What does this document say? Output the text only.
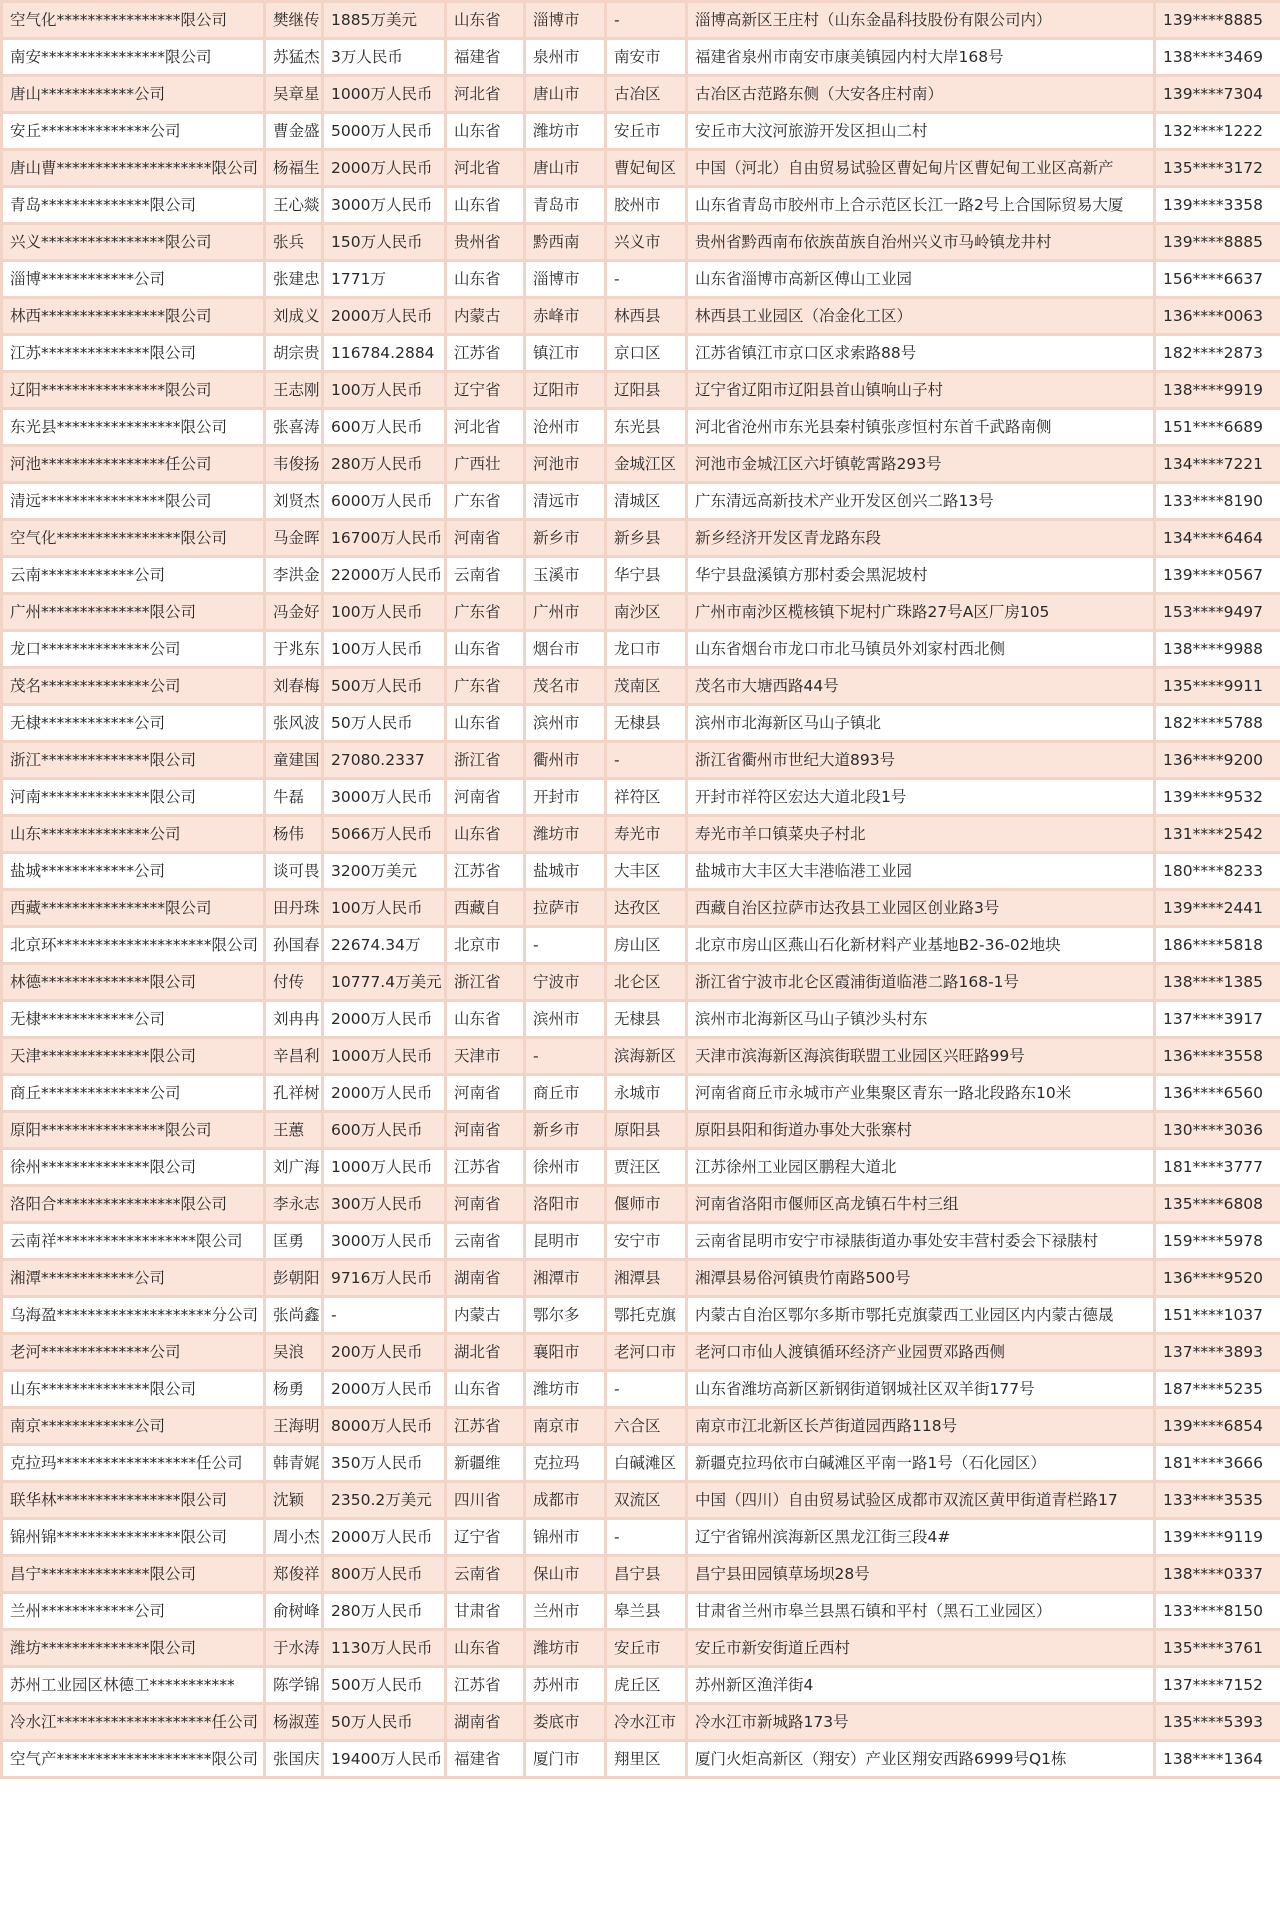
空气化****************限公司	樊继传	1885万美元	山东省	淄博市	-	淄博高新区王庄村（山东金晶科技股份有限公司内）	139****8885
南安****************限公司	苏猛杰	3万人民币	福建省	泉州市	南安市	福建省泉州市南安市康美镇园内村大岸168号	138****3469
唐山************公司	吴章星	1000万人民币	河北省	唐山市	古冶区	古冶区古范路东侧（大安各庄村南）	139****7304
安丘**************公司	曹金盛	5000万人民币	山东省	潍坊市	安丘市	安丘市大汶河旅游开发区担山二村	132****1222
唐山曹********************限公司	杨福生	2000万人民币	河北省	唐山市	曹妃甸区	中国（河北）自由贸易试验区曹妃甸片区曹妃甸工业区高新产	135****3172
青岛**************限公司	王心燚	3000万人民币	山东省	青岛市	胶州市	山东省青岛市胶州市上合示范区长江一路2号上合国际贸易大厦	139****3358
兴义****************限公司	张兵	150万人民币	贵州省	黔西南	兴义市	贵州省黔西南布依族苗族自治州兴义市马岭镇龙井村	139****8885
淄博************公司	张建忠	1771万	山东省	淄博市	-	山东省淄博市高新区傅山工业园	156****6637
林西****************限公司	刘成义	2000万人民币	内蒙古	赤峰市	林西县	林西县工业园区（冶金化工区）	136****0063
江苏**************限公司	胡宗贵	116784.2884	江苏省	镇江市	京口区	江苏省镇江市京口区求索路88号	182****2873
辽阳****************限公司	王志刚	100万人民币	辽宁省	辽阳市	辽阳县	辽宁省辽阳市辽阳县首山镇响山子村	138****9919
东光县****************限公司	张喜涛	600万人民币	河北省	沧州市	东光县	河北省沧州市东光县秦村镇张彦恒村东首千武路南侧	151****6689
河池****************任公司	韦俊扬	280万人民币	广西壮	河池市	金城江区	河池市金城江区六圩镇乾霄路293号	134****7221
清远****************限公司	刘贤杰	6000万人民币	广东省	清远市	清城区	广东清远高新技术产业开发区创兴二路13号	133****8190
空气化****************限公司	马金晖	16700万人民币	河南省	新乡市	新乡县	新乡经济开发区青龙路东段	134****6464
云南************公司	李洪金	22000万人民币	云南省	玉溪市	华宁县	华宁县盘溪镇方那村委会黑泥坡村	139****0567
广州**************限公司	冯金好	100万人民币	广东省	广州市	南沙区	广州市南沙区榄核镇下坭村广珠路27号A区厂房105	153****9497
龙口**************公司	于兆东	100万人民币	山东省	烟台市	龙口市	山东省烟台市龙口市北马镇员外刘家村西北侧	138****9988
茂名**************公司	刘春梅	500万人民币	广东省	茂名市	茂南区	茂名市大塘西路44号	135****9911
无棣************公司	张风波	50万人民币	山东省	滨州市	无棣县	滨州市北海新区马山子镇北	182****5788
浙江**************限公司	童建国	27080.2337	浙江省	衢州市	-	浙江省衢州市世纪大道893号	136****9200
河南**************限公司	牛磊	3000万人民币	河南省	开封市	祥符区	开封市祥符区宏达大道北段1号	139****9532
山东**************公司	杨伟	5066万人民币	山东省	潍坊市	寿光市	寿光市羊口镇菜央子村北	131****2542
盐城************公司	谈可畏	3200万美元	江苏省	盐城市	大丰区	盐城市大丰区大丰港临港工业园	180****8233
西藏****************限公司	田丹珠	100万人民币	西藏自	拉萨市	达孜区	西藏自治区拉萨市达孜县工业园区创业路3号	139****2441
北京环********************限公司	孙国春	22674.34万	北京市	-	房山区	北京市房山区燕山石化新材料产业基地B2-36-02地块	186****5818
林德**************限公司	付传	10777.4万美元	浙江省	宁波市	北仑区	浙江省宁波市北仑区霞浦街道临港二路168-1号	138****1385
无棣************公司	刘冉冉	2000万人民币	山东省	滨州市	无棣县	滨州市北海新区马山子镇沙头村东	137****3917
天津**************限公司	辛昌利	1000万人民币	天津市	-	滨海新区	天津市滨海新区海滨街联盟工业园区兴旺路99号	136****3558
商丘**************公司	孔祥树	2000万人民币	河南省	商丘市	永城市	河南省商丘市永城市产业集聚区青东一路北段路东10米	136****6560
原阳****************限公司	王蕙	600万人民币	河南省	新乡市	原阳县	原阳县阳和街道办事处大张寨村	130****3036
徐州**************限公司	刘广海	1000万人民币	江苏省	徐州市	贾汪区	江苏徐州工业园区鹏程大道北	181****3777
洛阳合****************限公司	李永志	300万人民币	河南省	洛阳市	偃师市	河南省洛阳市偃师区高龙镇石牛村三组	135****6808
云南祥******************限公司	匡勇	3000万人民币	云南省	昆明市	安宁市	云南省昆明市安宁市禄脿街道办事处安丰营村委会下禄脿村	159****5978
湘潭************公司	彭朝阳	9716万人民币	湖南省	湘潭市	湘潭县	湘潭县易俗河镇贵竹南路500号	136****9520
乌海盈********************分公司	张尚鑫	-	内蒙古	鄂尔多	鄂托克旗	内蒙古自治区鄂尔多斯市鄂托克旗蒙西工业园区内内蒙古德晟	151****1037
老河**************公司	吴浪	200万人民币	湖北省	襄阳市	老河口市	老河口市仙人渡镇循环经济产业园贾邓路西侧	137****3893
山东**************限公司	杨勇	2000万人民币	山东省	潍坊市	-	山东省潍坊高新区新钢街道钢城社区双羊街177号	187****5235
南京************公司	王海明	8000万人民币	江苏省	南京市	六合区	南京市江北新区长芦街道园西路118号	139****6854
克拉玛******************任公司	韩青娓	350万人民币	新疆维	克拉玛	白碱滩区	新疆克拉玛依市白碱滩区平南一路1号（石化园区）	181****3666
联华林****************限公司	沈颖	2350.2万美元	四川省	成都市	双流区	中国（四川）自由贸易试验区成都市双流区黄甲街道青栏路17	133****3535
锦州锦****************限公司	周小杰	2000万人民币	辽宁省	锦州市	-	辽宁省锦州滨海新区黑龙江街三段4#	139****9119
昌宁**************限公司	郑俊祥	800万人民币	云南省	保山市	昌宁县	昌宁县田园镇草场坝28号	138****0337
兰州************公司	俞树峰	280万人民币	甘肃省	兰州市	皋兰县	甘肃省兰州市皋兰县黑石镇和平村（黑石工业园区）	133****8150
潍坊**************限公司	于水涛	1130万人民币	山东省	潍坊市	安丘市	安丘市新安街道丘西村	135****3761
苏州工业园区林德工***********	陈学锦	500万人民币	江苏省	苏州市	虎丘区	苏州新区渔洋街4	137****7152
冷水江********************任公司	杨淑莲	50万人民币	湖南省	娄底市	冷水江市	冷水江市新城路173号	135****5393
空气产********************限公司	张国庆	19400万人民币	福建省	厦门市	翔里区	厦门火炬高新区（翔安）产业区翔安西路6999号Q1栋	138****1364
